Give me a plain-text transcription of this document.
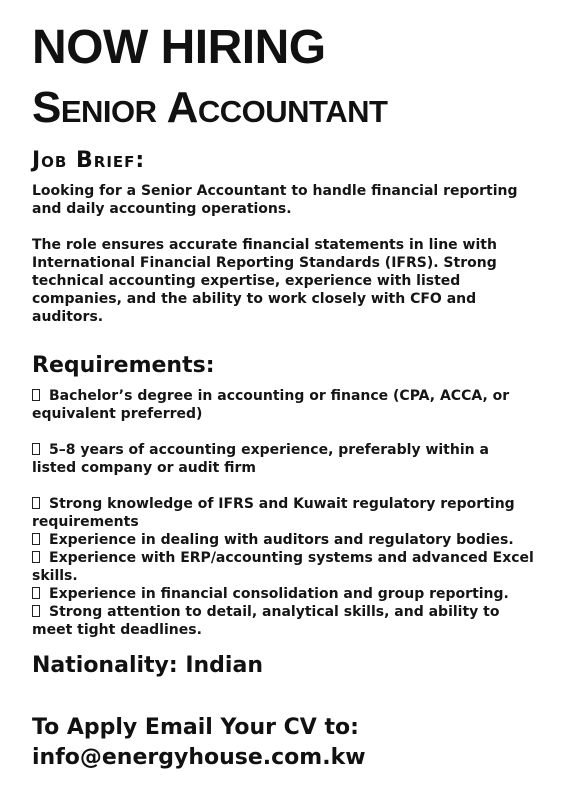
NOW HIRING
Senior Accountant
Job Brief:

Looking for a Senior Accountant to handle financial reporting and daily accounting operations.

The role ensures accurate financial statements in line with International Financial Reporting Standards (IFRS). Strong technical accounting expertise, experience with listed companies, and the ability to work closely with CFO and auditors.

Requirements:
Bachelor’s degree in accounting or finance (CPA, ACCA, or equivalent preferred)
5–8 years of accounting experience, preferably within a listed company or audit firm
Strong knowledge of IFRS and Kuwait regulatory reporting requirements
Experience in dealing with auditors and regulatory bodies.
Experience with ERP/accounting systems and advanced Excel skills.
Experience in financial consolidation and group reporting.
Strong attention to detail, analytical skills, and ability to meet tight deadlines.

Nationality: Indian

To Apply Email Your CV to:

info@energyhouse.com.kw
